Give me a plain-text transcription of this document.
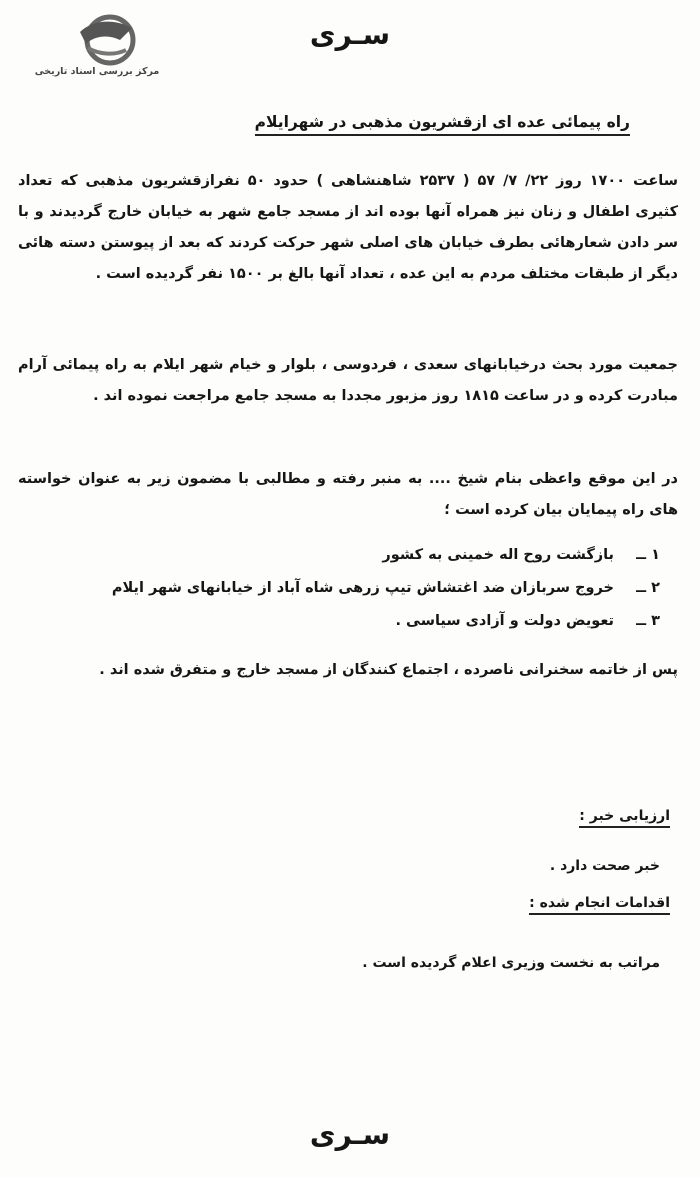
سـرى
مرکز بررسی اسناد تاریخی
راه پيمائى عده اى ازقشريون مذهبى در شهرايلام
ساعت ۱۷۰۰ روز ۲۲/ ۷/ ۵۷ ( ۲۵۳۷ شاهنشاهى ) حدود ۵۰ نفرازقشريون مذهبى كه تعداد كثيرى اطفال و زنان نيز همراه آنها بوده اند از مسجد جامع شهر به خيابان خارج گرديدند و با سر دادن شعارهائى بطرف خيابان هاى اصلى شهر حركت كردند كه بعد از پيوستن دسته هائى ديگر از طبقات مختلف مردم به اين عده ، تعداد آنها بالغ بر ۱۵۰۰ نفر گرديده است .
جمعيت مورد بحث درخيابانهاى سعدى ، فردوسى ، بلوار و خيام شهر ايلام به راه پيمائى آرام مبادرت كرده و در ساعت ۱۸۱۵ روز مزبور مجددا به مسجد جامع مراجعت نموده اند .
در اين موقع واعظى بنام شيخ .... به منبر رفته و مطالبى با مضمون زير به عنوان خواسته هاى راه پيمايان بيان كرده است ؛
۱ ــ
بازگشت روح اله خمينى به كشور
۲ ــ
خروج سربازان ضد اغتشاش تيپ زرهى شاه آباد از خيابانهاى شهر ايلام
۳ ــ
تعويض دولت و آزادى سياسى .
پس از خاتمه سخنرانى ناصرده ، اجتماع كنندگان از مسجد خارج و متفرق شده اند .
ارزيابى خبر :
خبر صحت دارد .
اقدامات انجام شده :
مراتب به نخست وزيرى اعلام گرديده است .
سـرى
